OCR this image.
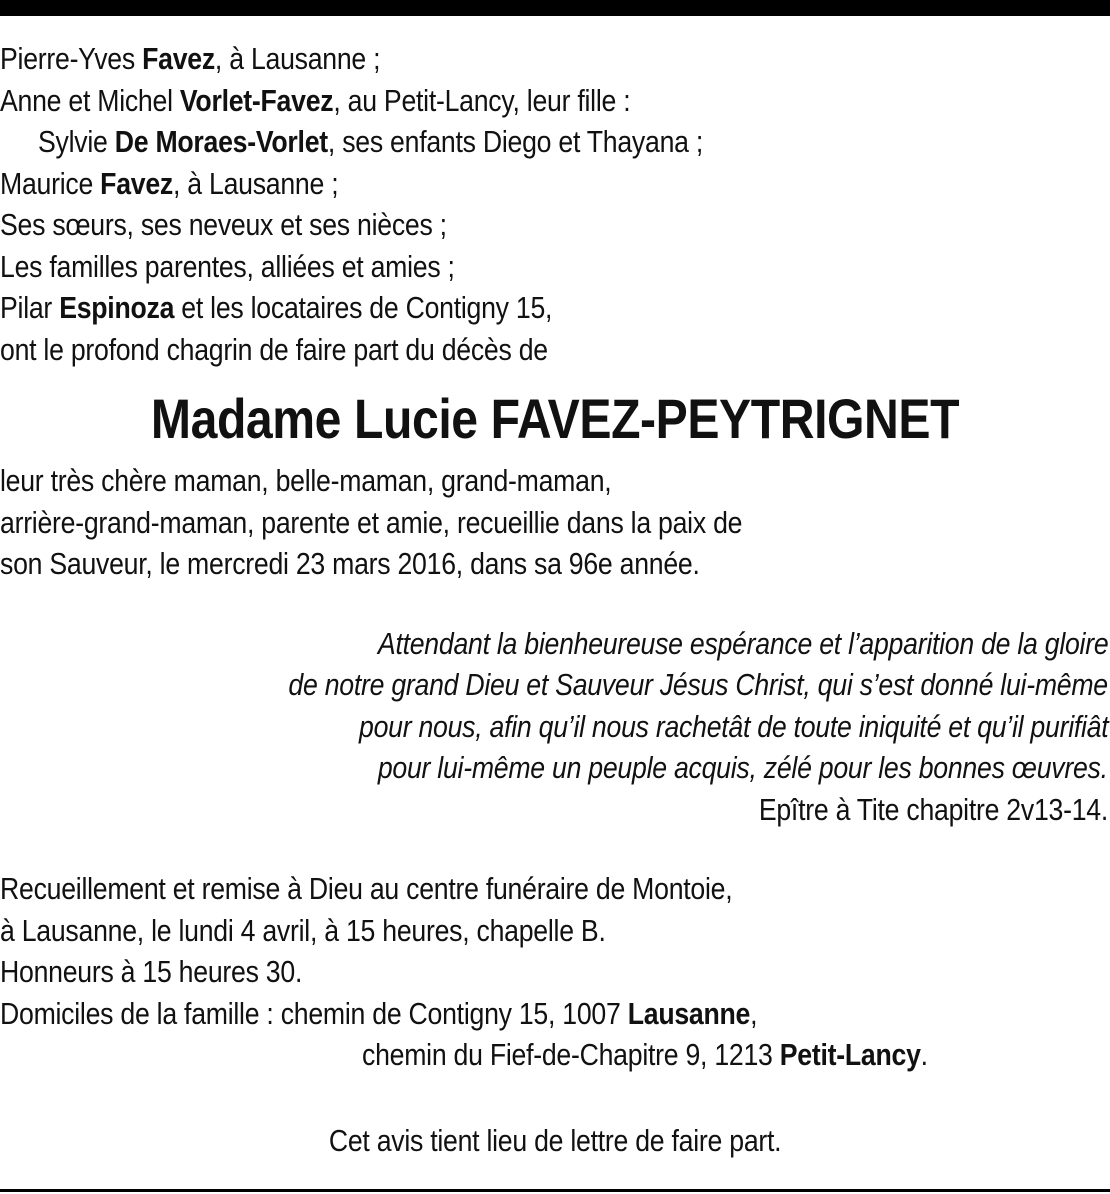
Pierre-Yves Favez, à Lausanne ;
Anne et Michel Vorlet-Favez, au Petit-Lancy, leur fille :
Sylvie De Moraes-Vorlet, ses enfants Diego et Thayana ;
Maurice Favez, à Lausanne ;
Ses sœurs, ses neveux et ses nièces ;
Les familles parentes, alliées et amies ;
Pilar Espinoza et les locataires de Contigny 15,
ont le profond chagrin de faire part du décès de
Madame Lucie FAVEZ-PEYTRIGNET
leur très chère maman, belle-maman, grand-maman,
arrière-grand-maman, parente et amie, recueillie dans la paix de
son Sauveur, le mercredi 23 mars 2016, dans sa 96e année.
Attendant la bienheureuse espérance et l’apparition de la gloire
de notre grand Dieu et Sauveur Jésus Christ, qui s’est donné lui-même
pour nous, afin qu’il nous rachetât de toute iniquité et qu’il purifiât
pour lui-même un peuple acquis, zélé pour les bonnes œuvres.
Epître à Tite chapitre 2v13-14.
Recueillement et remise à Dieu au centre funéraire de Montoie,
à Lausanne, le lundi 4 avril, à 15 heures, chapelle B.
Honneurs à 15 heures 30.
Domiciles de la famille : chemin de Contigny 15, 1007 Lausanne,
chemin du Fief-de-Chapitre 9, 1213 Petit-Lancy.
Cet avis tient lieu de lettre de faire part.
